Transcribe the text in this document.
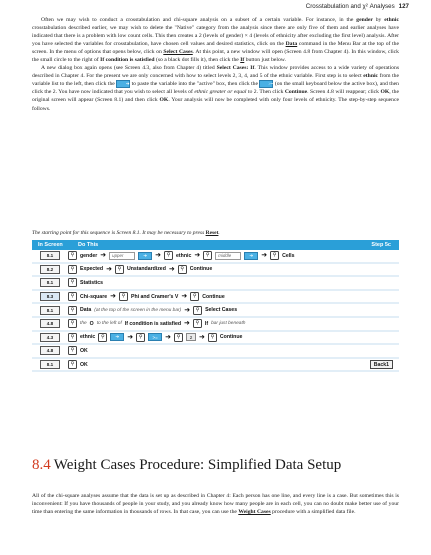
Crosstabulation and χ² Analyses 127

Often we may wish to conduct a crosstabulation and chi-square analysis on a subset of a certain variable. For instance, in the gender by ethnic crosstabulation described earlier, we may wish to delete the "Native" category from the analysis since there are only five of them and earlier analyses have indicated that there is a problem with low count cells. This then creates a 2 (levels of gender) × 4 (levels of ethnicity after excluding the first level) analysis. After you have selected the variables for crosstabulation, have chosen cell values and desired statistics, click on the Data command in the Menu Bar at the top of the screen. In the menu of options that opens below, click on Select Cases. At this point, a new window will open (Screen 4.8 from Chapter 4). In this window, click the small circle to the right of If condition is satisfied (so a black dot fills it), then click the If button just below.

A new dialog box again opens (see Screen 4.3, also from Chapter 4) titled Select Cases: If. This window provides access to a wide variety of operations described in Chapter 4. For the present we are only concerned with how to select levels 2, 3, 4, and 5 of the ethnic variable. First step is to select ethnic from the variable list to the left, then click the ➜ to paste the variable into the "active" box, then click the >= (on the small keyboard below the active box), and then click the 2. You have now indicated that you wish to select all levels of ethnic greater or equal to 2. Then click Continue. Screen 4.8 will reappear; click OK, the original screen will appear (Screen 8.1) and then click OK. Your analysis will now be completed with only four levels of ethnicity. The step-by-step sequence follows.

The starting point for this sequence is Screen 8.1. It may be necessary to press Reset.
In Screen	Do This	Step 5c
8.1	⚲	gender ➜	upper	➜	➜	⚲	ethnic ➜	⚲	middle	➜	➜	⚲	Cells
8.2	⚲	Expected ➜	⚲	Unstandardized ➜	⚲	Continue
8.1	⚲	Statistics
8.3	⚲	Chi-square ➜	⚲	Phi and Cramer's V ➜	⚲	Continue
8.1	⚲	Data (at the top of the screen in the menu bar) ➜	⚲	Select Cases
4.8	⚲	the O to the left of If condition is satisfied ➜	⚲	If bar just beneath
4.3	⚲	ethnic	⚲	➜	➜	⚲	>=	➜	⚲	2 ➜	⚲	Continue
4.8	⚲	OK
8.1	⚲	OK	Back1
8.4 Weight Cases Procedure: Simplified Data Setup

All of the chi-square analyses assume that the data is set up as described in Chapter 4: Each person has one line, and every line is a case. But sometimes this is inconvenient: If you have thousands of people in your study, and you already know how many people are in each cell, you can no doubt make better use of your time than entering the same information in thousands of rows. In that case, you can use the Weight Cases procedure with a simplified data file.
